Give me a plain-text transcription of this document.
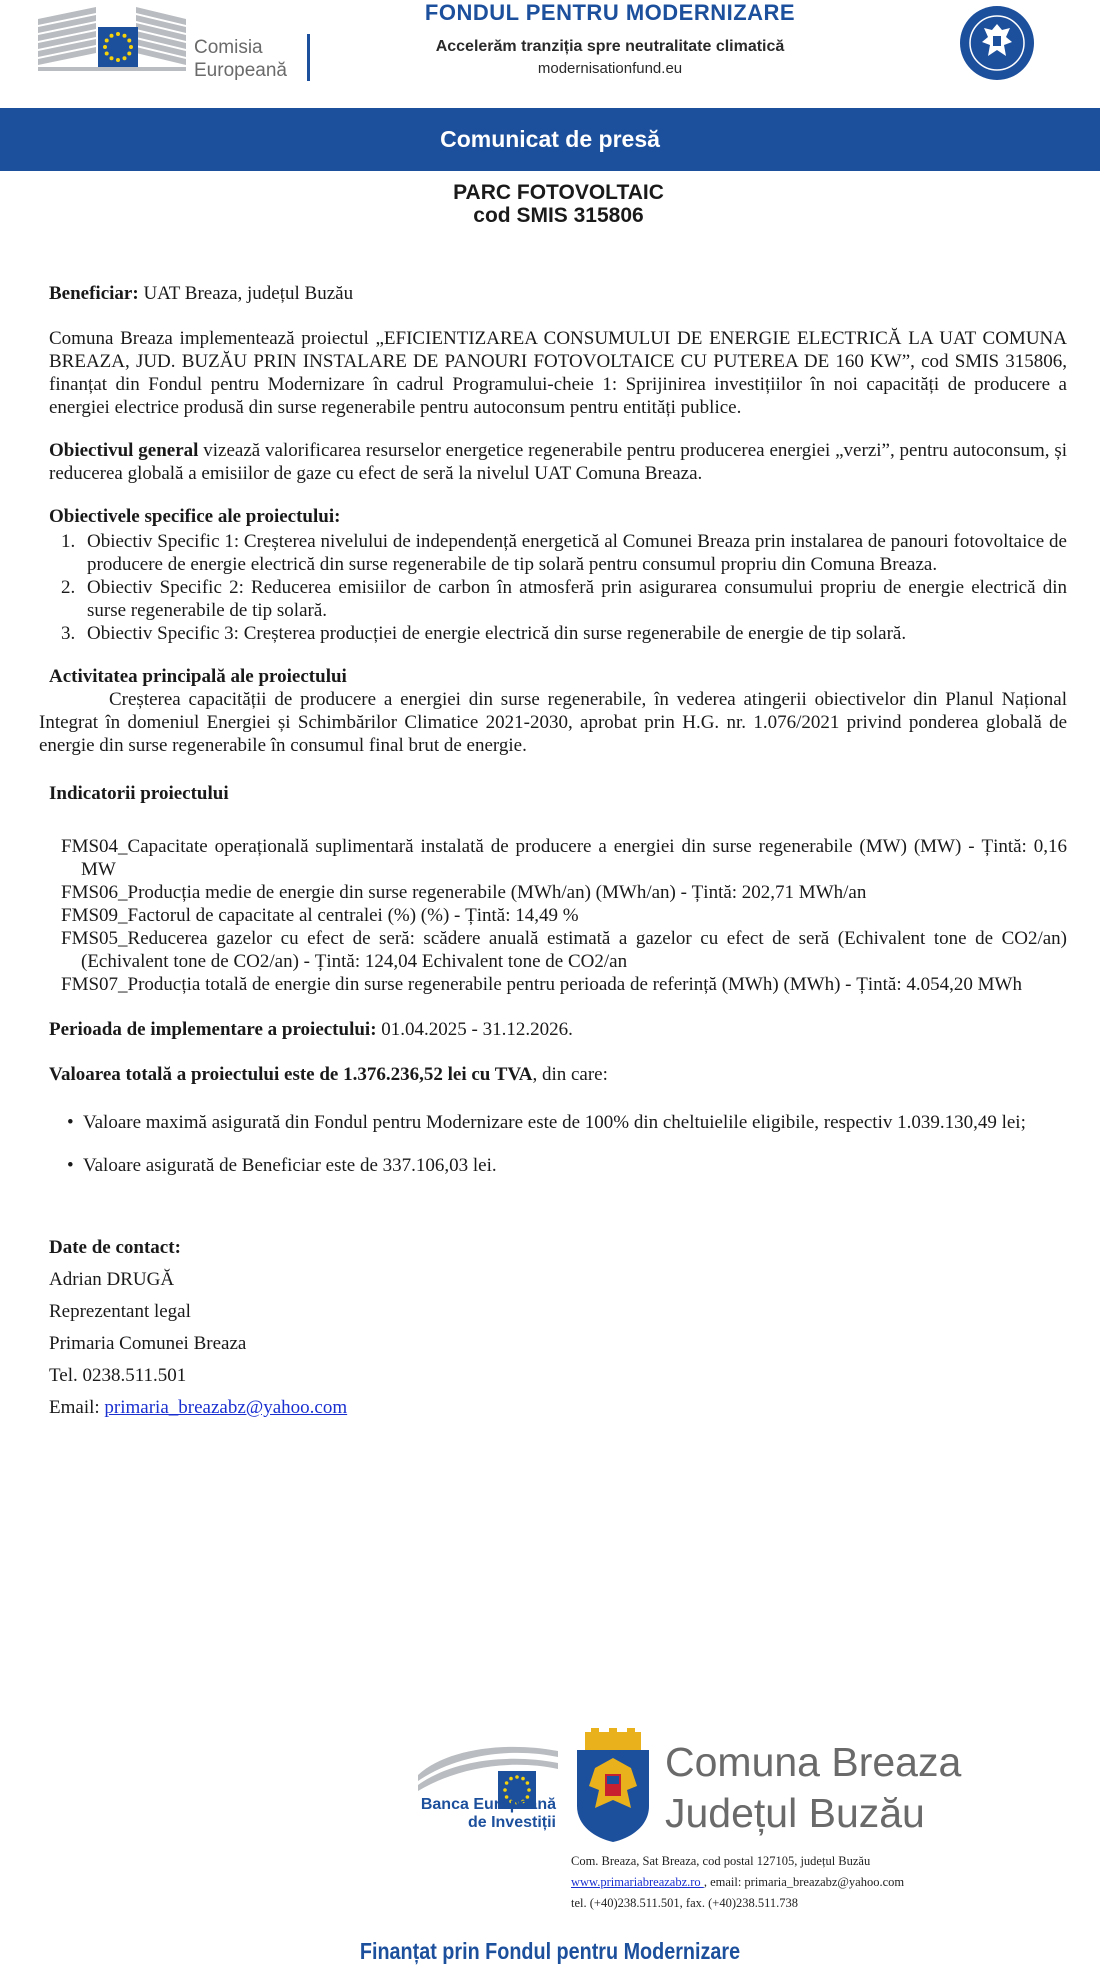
Comisia
Europeană
FONDUL PENTRU MODERNIZARE
Accelerăm tranziția spre neutralitate climatică
modernisationfund.eu
Comunicat de presă
PARC FOTOVOLTAIC
cod SMIS 315806

Beneficiar: UAT Breaza, județul Buzău

Comuna Breaza implementează proiectul „EFICIENTIZAREA CONSUMULUI DE ENERGIE ELECTRICĂ LA UAT COMUNA BREAZA, JUD. BUZĂU PRIN INSTALARE DE PANOURI FOTOVOLTAICE CU PUTEREA DE 160 KW”, cod SMIS 315806, finanțat din Fondul pentru Modernizare în cadrul Programului-cheie 1: Sprijinirea investițiilor în noi capacități de producere a energiei electrice produsă din surse regenerabile pentru autoconsum pentru entități publice.

Obiectivul general vizează valorificarea resurselor energetice regenerabile pentru producerea energiei „verzi”, pentru autoconsum, și reducerea globală a emisiilor de gaze cu efect de seră la nivelul UAT Comuna Breaza.

Obiectivele specifice ale proiectului:

1. Obiectiv Specific 1: Creșterea nivelului de independență energetică al Comunei Breaza prin instalarea de panouri fotovoltaice de producere de energie electrică din surse regenerabile de tip solară pentru consumul propriu din Comuna Breaza.
2. Obiectiv Specific 2: Reducerea emisiilor de carbon în atmosferă prin asigurarea consumului propriu de energie electrică din surse regenerabile de tip solară.
3. Obiectiv Specific 3: Creșterea producției de energie electrică din surse regenerabile de energie de tip solară.

Activitatea principală ale proiectului

Creșterea capacității de producere a energiei din surse regenerabile, în vederea atingerii obiectivelor din Planul Național Integrat în domeniul Energiei și Schimbărilor Climatice 2021-2030, aprobat prin H.G. nr. 1.076/2021 privind ponderea globală de energie din surse regenerabile în consumul final brut de energie.

Indicatorii proiectului

FMS04_Capacitate operațională suplimentară instalată de producere a energiei din surse regenerabile (MW) (MW) - Țintă: 0,16 MW

FMS06_Producția medie de energie din surse regenerabile (MWh/an) (MWh/an) - Țintă: 202,71 MWh/an

FMS09_Factorul de capacitate al centralei (%) (%) - Țintă: 14,49 %

FMS05_Reducerea gazelor cu efect de seră: scădere anuală estimată a gazelor cu efect de seră (Echivalent tone de CO2/an) (Echivalent tone de CO2/an) - Țintă: 124,04 Echivalent tone de CO2/an

FMS07_Producția totală de energie din surse regenerabile pentru perioada de referință (MWh) (MWh) - Țintă: 4.054,20 MWh

Perioada de implementare a proiectului: 01.04.2025 - 31.12.2026.

Valoarea totală a proiectului este de 1.376.236,52 lei cu TVA, din care:

• Valoare maximă asigurată din Fondul pentru Modernizare este de 100% din cheltuielile eligibile, respectiv 1.039.130,49 lei;
• Valoare asigurată de Beneficiar este de 337.106,03 lei.

Date de contact:

Adrian DRUGĂ

Reprezentant legal

Primaria Comunei Breaza

Tel. 0238.511.501

Email: primaria_breazabz@yahoo.com

Banca Europeană
de Investiții
Comuna Breaza
Județul Buzău
Com. Breaza, Sat Breaza, cod postal 127105, județul Buzău
www.primariabreazabz.ro , email: primaria_breazabz@yahoo.com
tel. (+40)238.511.501, fax. (+40)238.511.738
Finanțat prin Fondul pentru Modernizare
